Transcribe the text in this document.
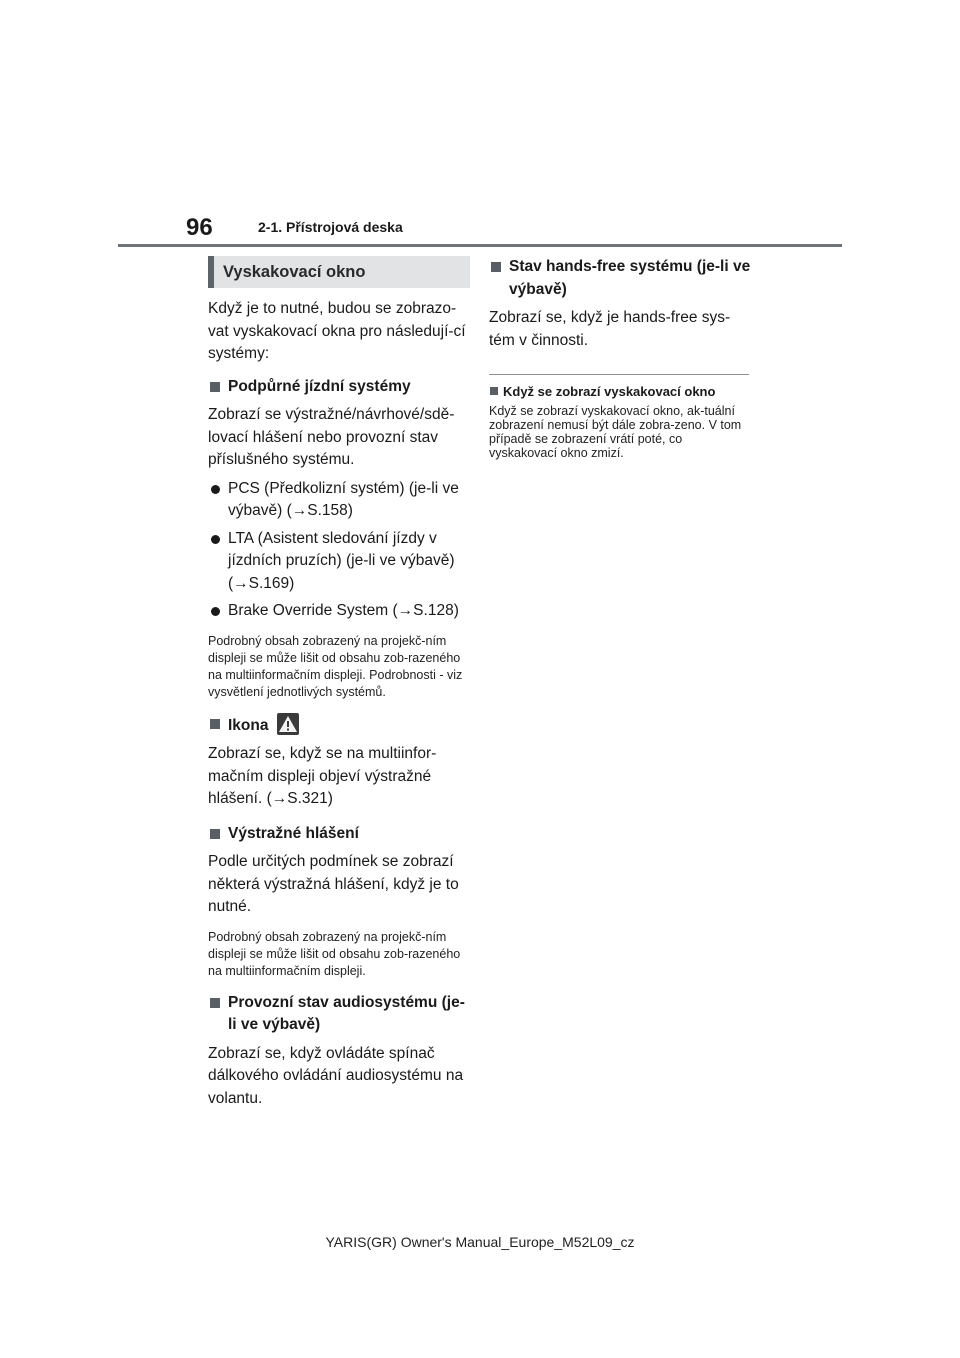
96	2-1. Přístrojová deska
Vyskakovací okno

Když je to nutné, budou se zobrazo-vat vyskakovací okna pro následují-cí systémy:

Podpůrné jízdní systémy

Zobrazí se výstražné/návrhové/sdě-lovací hlášení nebo provozní stav příslušného systému.

PCS (Předkolizní systém) (je-li ve výbavě) (→S.158)
LTA (Asistent sledování jízdy v jízdních pruzích) (je-li ve výbavě) (→S.169)
Brake Override System (→S.128)

Podrobný obsah zobrazený na projekč-ním displeji se může lišit od obsahu zob-razeného na multiinformačním displeji. Podrobnosti - viz vysvětlení jednotlivých systémů.

Ikona

Zobrazí se, když se na multiinfor-mačním displeji objeví výstražné hlášení. (→S.321)

Výstražné hlášení

Podle určitých podmínek se zobrazí některá výstražná hlášení, když je to nutné.

Podrobný obsah zobrazený na projekč-ním displeji se může lišit od obsahu zob-razeného na multiinformačním displeji.

Provozní stav audiosystému (je-li ve výbavě)

Zobrazí se, když ovládáte spínač dálkového ovládání audiosystému na volantu.

Stav hands-free systému (je-li ve výbavě)

Zobrazí se, když je hands-free sys-tém v činnosti.

Když se zobrazí vyskakovací okno

Když se zobrazí vyskakovací okno, ak-tuální zobrazení nemusí být dále zobra-zeno. V tom případě se zobrazení vrátí poté, co vyskakovací okno zmizí.

YARIS(GR) Owner's Manual_Europe_M52L09_cz
